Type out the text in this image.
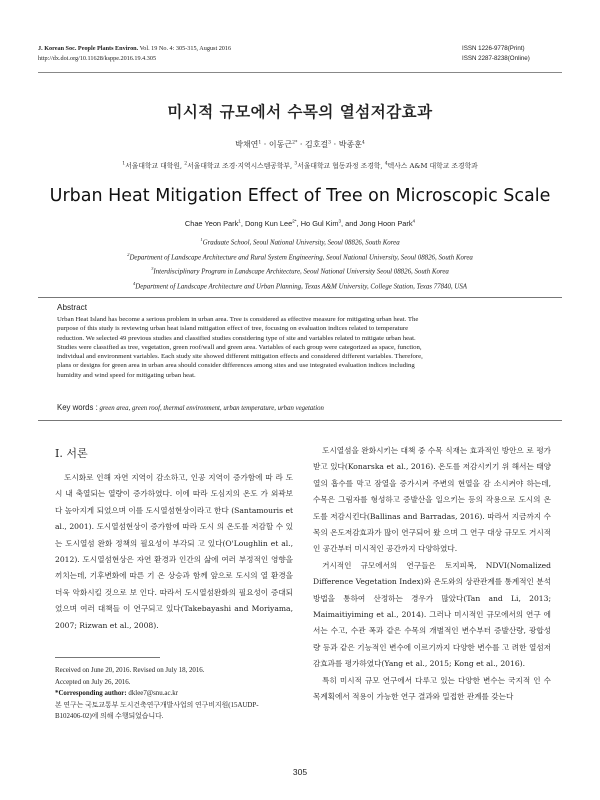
J. Korean Soc. People Plants Environ. Vol. 19 No. 4: 305-315, August 2016
http://dx.doi.org/10.11628/ksppe.2016.19.4.305
ISSN 1226-9778(Print)
ISSN 2287-8238(Online)
미시적 규모에서 수목의 열섬저감효과
박채연$^1$ · 이동근$^{2*}$ · 김호걸$^3$ · 박종훈$^4$
$^1$서울대학교 대학원, $^2$서울대학교 조경·지역시스템공학부, $^3$서울대학교 협동과정 조경학, $^4$텍사스 A&M 대학교 조경학과
Urban Heat Mitigation Effect of Tree on Microscopic Scale
Chae Yeon Park$^1$, Dong Kun Lee$^{2*}$, Ho Gul Kim$^3$, and Jong Hoon Park$^4$
$^1$Graduate School, Seoul National University, Seoul 08826, South Korea
$^2$Department of Landscape Architecture and Rural System Engineering, Seoul National University, Seoul 08826, South Korea
$^3$Interdisciplinary Program in Landscape Architecture, Seoul National University Seoul 08826, South Korea
$^4$Department of Landscape Architecture and Urban Planning, Texas A&M University, College Station, Texas 77840, USA
Abstract
Urban Heat Island has become a serious problem in urban area. Tree is considered as effective measure for mitigating urban heat. The
purpose of this study is reviewing urban heat island mitigation effect of tree, focusing on evaluation indices related to temperature
reduction. We selected 49 previous studies and classified studies considering type of site and variables related to mitigate urban heat.
Studies were classified as tree, vegetation, green roof/wall and green area. Variables of each group were categorized as space, function,
individual and environment variables. Each study site showed different mitigation effects and considered different variables. Therefore,
plans or designs for green area in urban area should consider differences among sites and use integrated evaluation indices including
humidity and wind speed for mitigating urban heat.
Key words : green area, green roof, thermal environment, urban temperature, urban vegetation
Ⅰ. 서론

도시화로 인해 자연 지역이 감소하고, 인공 지역이 증가함에 따 라 도시 내 축열되는 열량이 증가하였다. 이에 따라 도심지의 온도 가 외곽보다 높아지게 되었으며 이를 도시열섬현상이라고 한다 (Santamouris et al., 2001). 도시열섬현상이 증가함에 따라 도시 의 온도를 저감할 수 있는 도시열섬 완화 정책의 필요성이 부각되 고 있다(O'Loughlin et al., 2012). 도시열섬현상은 자연 환경과 인간의 삶에 여러 부정적인 영향을 끼치는데, 기후변화에 따른 기 온 상승과 함께 앞으로 도시의 열 환경을 더욱 악화시킬 것으로 보 인다. 따라서 도시열섬완화의 필요성이 증대되었으며 여러 대책들 이 연구되고 있다(Takebayashi and Moriyama, 2007; Rizwan et al., 2008).

도시열섬을 완화시키는 대책 중 수목 식재는 효과적인 방안으 로 평가 받고 있다(Konarska et al., 2016). 온도를 저감시키기 위 해서는 태양열의 흡수를 막고 잠열을 증가시켜 주변의 현열을 감 소시켜야 하는데, 수목은 그림자를 형성하고 증발산을 일으키는 등의 작용으로 도시의 온도를 저감시킨다(Ballinas and Barradas, 2016). 따라서 지금까지 수목의 온도저감효과가 많이 연구되어 왔 으며 그 연구 대상 규모도 거시적인 공간부터 미시적인 공간까지 다양하였다.

거시적인 규모에서의 연구들은 토지피복, NDVI(Nomalized Difference Vegetation Index)와 온도와의 상관관계를 통계적인 분석방법을 통하여 산정하는 경우가 많았다(Tan and Li, 2013; Maimaitiyiming et al., 2014). 그러나 미시적인 규모에서의 연구 에서는 수고, 수관 폭과 같은 수목의 개별적인 변수부터 증발산량, 광합성량 등과 같은 기능적인 변수에 이르기까지 다양한 변수를 고 려한 열섬저감효과를 평가하였다(Yang et al., 2015; Kong et al., 2016).

특히 미시적 규모 연구에서 다루고 있는 다양한 변수는 국지적 인 수목계획에서 적용이 가능한 연구 결과와 밀접한 관계를 갖는다

Received on June 20, 2016. Revised on July 18, 2016.
Accepted on July 26, 2016.
*Corresponding author: dklee7@snu.ac.kr
본 연구는 국토교통부 도시건축연구개발사업의 연구비지원(15AUDP-
B102406-02)에 의해 수행되었습니다.
305
